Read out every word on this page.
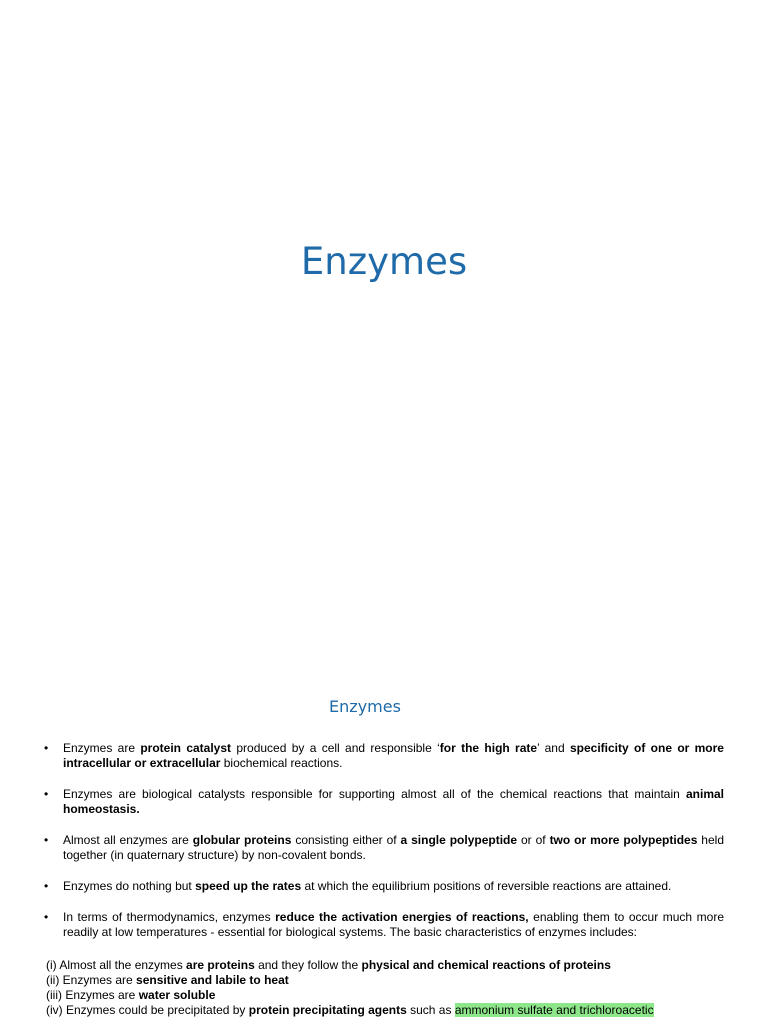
Enzymes
Enzymes
• Enzymes are protein catalyst produced by a cell and responsible ‘for the high rate’ and specificity of one or more intracellular or extracellular biochemical reactions.
• Enzymes are biological catalysts responsible for supporting almost all of the chemical reactions that maintain animal homeostasis.
• Almost all enzymes are globular proteins consisting either of a single polypeptide or of two or more polypeptides held together (in quaternary structure) by non-covalent bonds.
• Enzymes do nothing but speed up the rates at which the equilibrium positions of reversible reactions are attained.
• In terms of thermodynamics, enzymes reduce the activation energies of reactions, enabling them to occur much more readily at low temperatures - essential for biological systems. The basic characteristics of enzymes includes:
(i) Almost all the enzymes are proteins and they follow the physical and chemical reactions of proteins
(ii) Enzymes are sensitive and labile to heat
(iii) Enzymes are water soluble
(iv) Enzymes could be precipitated by protein precipitating agents such as ammonium sulfate and trichloroacetic
